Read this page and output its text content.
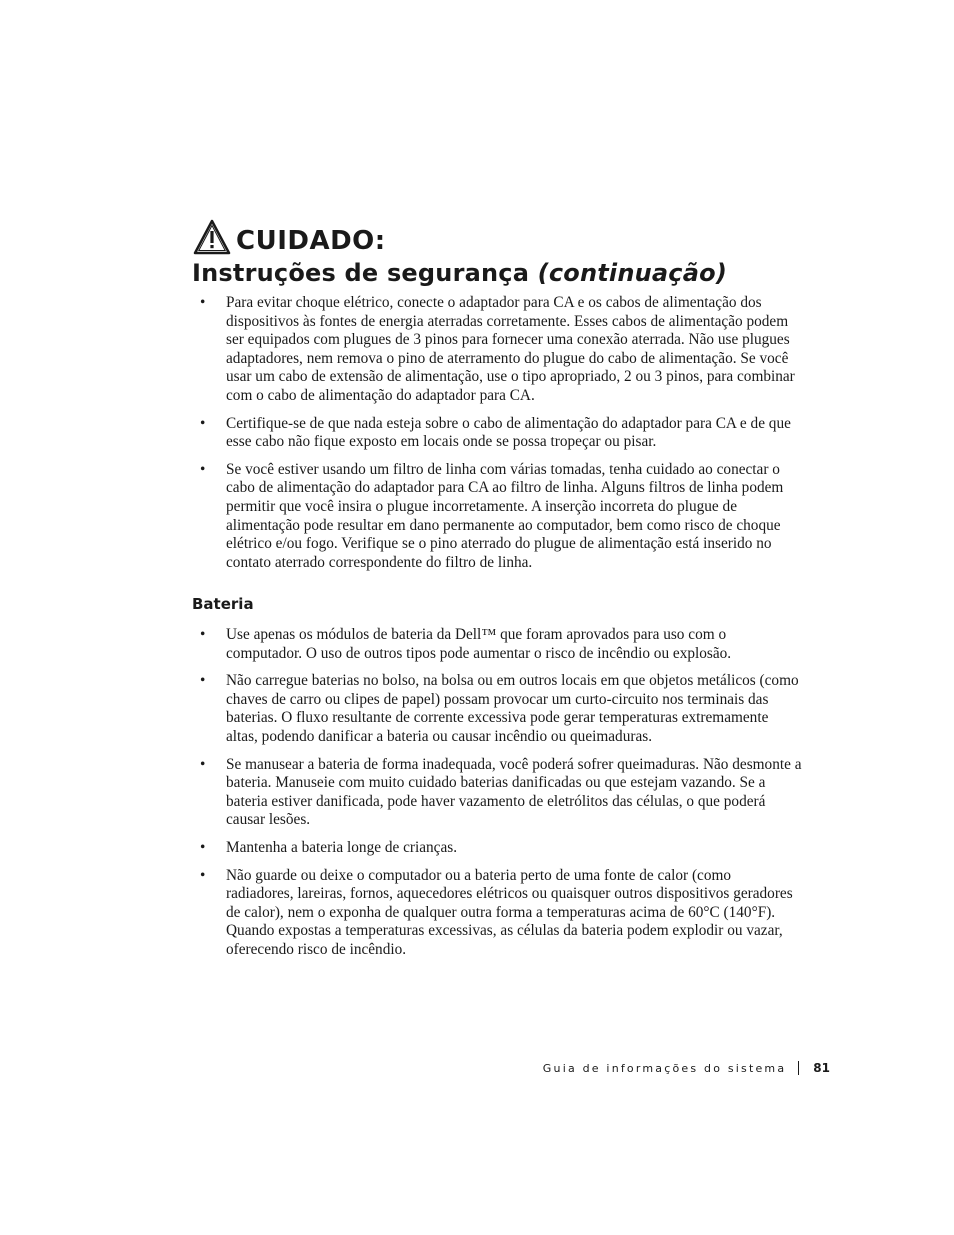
CUIDADO:
Instruções de segurança (continuação)
• Para evitar choque elétrico, conecte o adaptador para CA e os cabos de alimentação dos dispositivos às fontes de energia aterradas corretamente. Esses cabos de alimentação podem ser equipados com plugues de 3 pinos para fornecer uma conexão aterrada. Não use plugues adaptadores, nem remova o pino de aterramento do plugue do cabo de alimentação. Se você usar um cabo de extensão de alimentação, use o tipo apropriado, 2 ou 3 pinos, para combinar com o cabo de alimentação do adaptador para CA.
• Certifique-se de que nada esteja sobre o cabo de alimentação do adaptador para CA e de que esse cabo não fique exposto em locais onde se possa tropeçar ou pisar.
• Se você estiver usando um filtro de linha com várias tomadas, tenha cuidado ao conectar o cabo de alimentação do adaptador para CA ao filtro de linha. Alguns filtros de linha podem permitir que você insira o plugue incorretamente. A inserção incorreta do plugue de alimentação pode resultar em dano permanente ao computador, bem como risco de choque elétrico e/ou fogo. Verifique se o pino aterrado do plugue de alimentação está inserido no contato aterrado correspondente do filtro de linha.
Bateria
• Use apenas os módulos de bateria da Dell™ que foram aprovados para uso com o computador. O uso de outros tipos pode aumentar o risco de incêndio ou explosão.
• Não carregue baterias no bolso, na bolsa ou em outros locais em que objetos metálicos (como chaves de carro ou clipes de papel) possam provocar um curto-circuito nos terminais das baterias. O fluxo resultante de corrente excessiva pode gerar temperaturas extremamente altas, podendo danificar a bateria ou causar incêndio ou queimaduras.
• Se manusear a bateria de forma inadequada, você poderá sofrer queimaduras. Não desmonte a bateria. Manuseie com muito cuidado baterias danificadas ou que estejam vazando. Se a bateria estiver danificada, pode haver vazamento de eletrólitos das células, o que poderá causar lesões.
• Mantenha a bateria longe de crianças.
• Não guarde ou deixe o computador ou a bateria perto de uma fonte de calor (como radiadores, lareiras, fornos, aquecedores elétricos ou quaisquer outros dispositivos geradores de calor), nem o exponha de qualquer outra forma a temperaturas acima de 60°C (140°F). Quando expostas a temperaturas excessivas, as células da bateria podem explodir ou vazar, oferecendo risco de incêndio.
Guia de informações do sistema 81
